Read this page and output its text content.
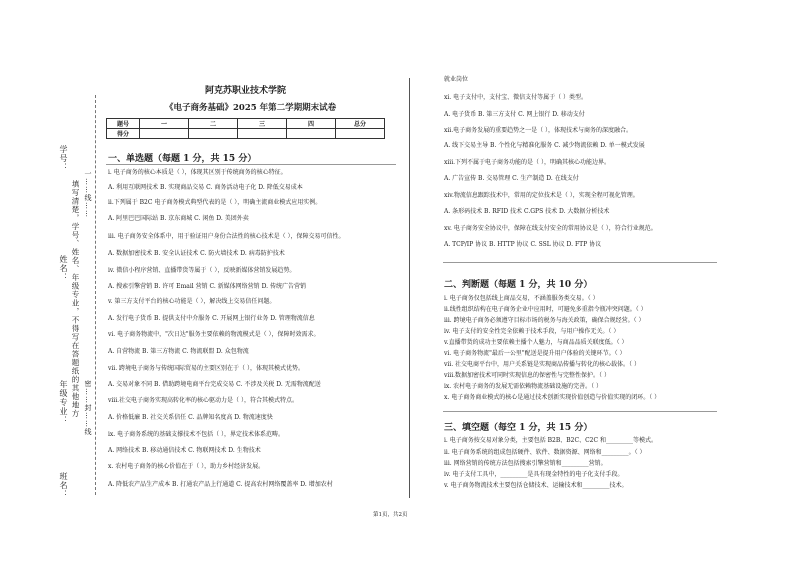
学号：
姓名：
年级专业：
班名：
填写清楚，学号、姓名、年级专业，不得写在答题纸的其他地方 密……封……线
一……线……
阿克苏职业技术学院
《电子商务基础》2025 年第二学期期末试卷
题号	一	二	三	四	总分
得分					
一、单选题（每题 1 分，共 15 分）
i. 电子商务的核心本质是（ ），体现其区别于传统商务的核心特征。
A. 利用互联网技术 B. 实现商品交易 C. 商务活动电子化 D. 降低交易成本
ii.下列属于 B2C 电子商务模式典型代表的是（ ），明确主流商业模式应用实例。
A. 阿里巴巴国际站 B. 京东商城 C. 闲鱼 D. 美团外卖
iii. 电子商务安全体系中，用于验证用户身份合法性的核心技术是（ ），保障交易可信性。
A. 数据加密技术 B. 安全认证技术 C. 防火墙技术 D. 病毒防护技术
iv. 微信小程序营销、直播带货等属于（ ），反映新媒体营销发展趋势。
A. 搜索引擎营销 B. 许可 Email 营销 C. 新媒体网络营销 D. 传统广告营销
v. 第三方支付平台的核心功能是（ ），解决线上交易信任问题。
A. 发行电子货币 B. 提供支付中介服务 C. 开展网上银行业务 D. 管理物流信息
vi. 电子商务物流中，"次日达"服务主要依赖的物流模式是（ ），保障时效需求。
A. 自营物流 B. 第三方物流 C. 物流联盟 D. 众包物流
vii. 跨境电子商务与传统国际贸易的主要区别在于（ ），体现其模式优势。
A. 交易对象不同 B. 借助跨境电商平台完成交易 C. 不涉及关税 D. 无需物流配送
viii.社交电子商务实现高转化率的核心驱动力是（ ），符合其模式特点。
A. 价格低廉 B. 社交关系信任 C. 品牌知名度高 D. 物流速度快
ix. 电子商务系统的基础支撑技术不包括（ ），界定技术体系范畴。
A. 网络技术 B. 移动通信技术 C. 物联网技术 D. 生物技术
x. 农村电子商务的核心价值在于（ ），助力乡村经济发展。
A. 降低农产品生产成本 B. 打通农产品上行通道 C. 提高农村网络覆盖率 D. 增加农村
就业岗位
xi. 电子支付中，支付宝、微信支付等属于（ ）类型。
A. 电子货币 B. 第三方支付 C. 网上银行 D. 移动支付
xii.电子商务发展的重要趋势之一是（ ），体现技术与商务的深度融合。
A. 线下交易主导 B. 个性化与精准化服务 C. 减少物流依赖 D. 单一模式发展
xiii.下列不属于电子商务功能的是（ ），明确其核心功能边界。
A. 广告宣传 B. 交易管理 C. 生产制造 D. 在线支付
xiv.物流信息跟踪技术中，常用的定位技术是（ ），实现全程可视化管理。
A. 条形码技术 B. RFID 技术 C.GPS 技术 D. 大数据分析技术
xv. 电子商务安全协议中，保障在线支付安全的常用协议是（ ），符合行业规范。
A. TCP/IP 协议 B. HTTP 协议 C. SSL 协议 D. FTP 协议
二、判断题（每题 1 分，共 10 分）
i. 电子商务仅包括线上商品交易，不涵盖服务类交易。（ ）
ii.线性组织结构在电子商务企业中应用时，可避免多重指令瓶冲突问题。（ ）
iii. 跨境电子商务必须遵守目标市场的税务与海关政策，确保合规经营。（ ）
iv. 电子支付的安全性完全依赖于技术手段，与用户操作无关。（ ）
v.直播带货的成功主要依赖主播个人魅力，与商品品质关联度低。（ ）
vi. 电子商务物流"最后一公里"配送是提升用户体验的关键环节。（ ）
vii. 社交电商平台中，用户关系链是实现商品传播与转化的核心载体。（ ）
viii.数据加密技术可同时实现信息的保密性与完整性保护。（ ）
ix. 农村电子商务的发展无需依赖物流基础设施的完善。（ ）
x. 电子商务商业模式的核心是通过技术创新实现价值创造与价值实现的闭环。（ ）
三、填空题（每空 1 分，共 15 分）
i. 电子商务按交易对象分类，主要包括 B2B、B2C、C2C 和_________等模式。
ii. 电子商务系统的组成包括硬件、软件、数据资源、网络和_________。（ ）
iii. 网络营销的传统方法包括搜索引擎营销和_________营销。
iv. 电子支付工具中，_________是具有现金特性的电子化支付手段。
v. 电子商务物流技术主要包括仓储技术、运输技术和_________技术。
第1页，共2页
